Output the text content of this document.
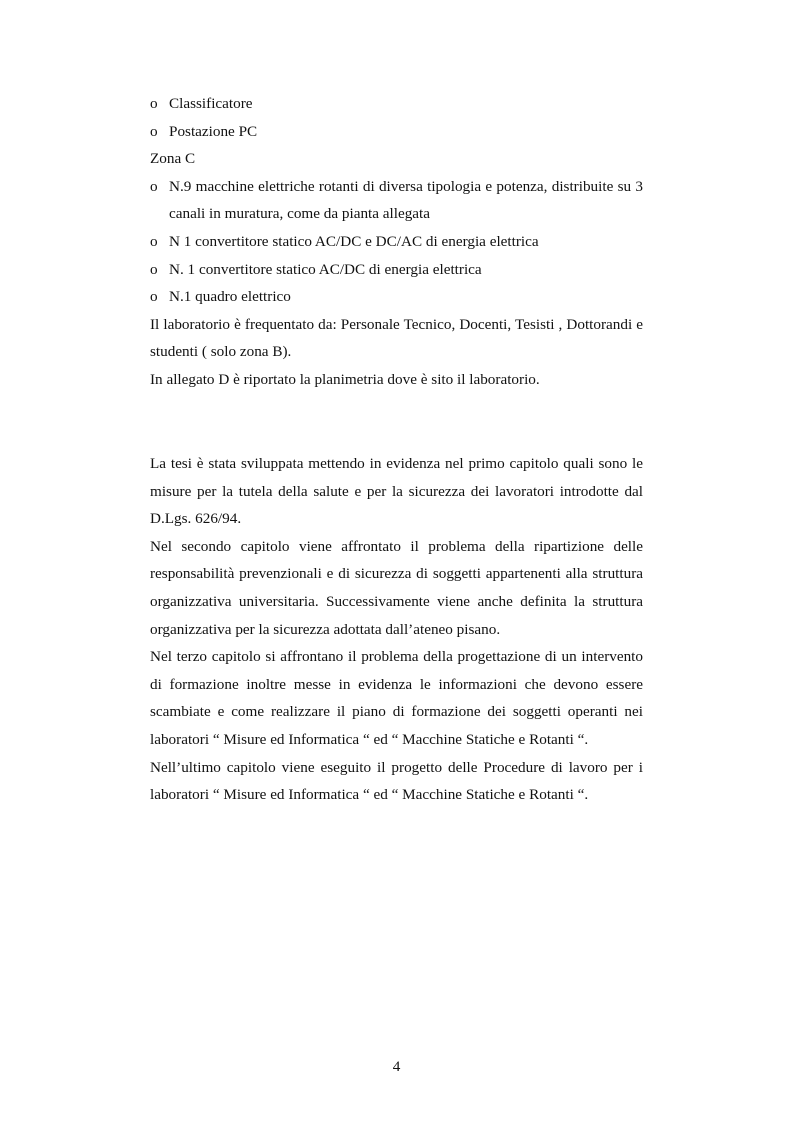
o Classificatore
o Postazione PC

Zona C

o N.9 macchine elettriche rotanti di diversa tipologia e potenza, distribuite su 3 canali in muratura, come da pianta allegata
o N 1 convertitore statico AC/DC e DC/AC di energia elettrica
o N. 1 convertitore statico AC/DC di energia elettrica
o N.1 quadro elettrico

Il laboratorio è frequentato da: Personale Tecnico, Docenti, Tesisti , Dottorandi e studenti ( solo zona B).

In allegato D è riportato la planimetria dove è sito il laboratorio.

La tesi è stata sviluppata mettendo in evidenza nel primo capitolo quali sono le misure per la tutela della salute e per la sicurezza dei lavoratori introdotte dal D.Lgs. 626/94.

Nel secondo capitolo viene affrontato il problema della ripartizione delle responsabilità prevenzionali e di sicurezza di soggetti appartenenti alla struttura organizzativa universitaria. Successivamente viene anche definita la struttura organizzativa per la sicurezza adottata dall’ateneo pisano.

Nel terzo capitolo si affrontano il problema della progettazione di un intervento di formazione inoltre messe in evidenza le informazioni che devono essere scambiate e come realizzare il piano di formazione dei soggetti operanti nei laboratori “ Misure ed Informatica “ ed “ Macchine Statiche e Rotanti “.

Nell’ultimo capitolo viene eseguito il progetto delle Procedure di lavoro per i laboratori “ Misure ed Informatica “ ed “ Macchine Statiche e Rotanti “.

4
